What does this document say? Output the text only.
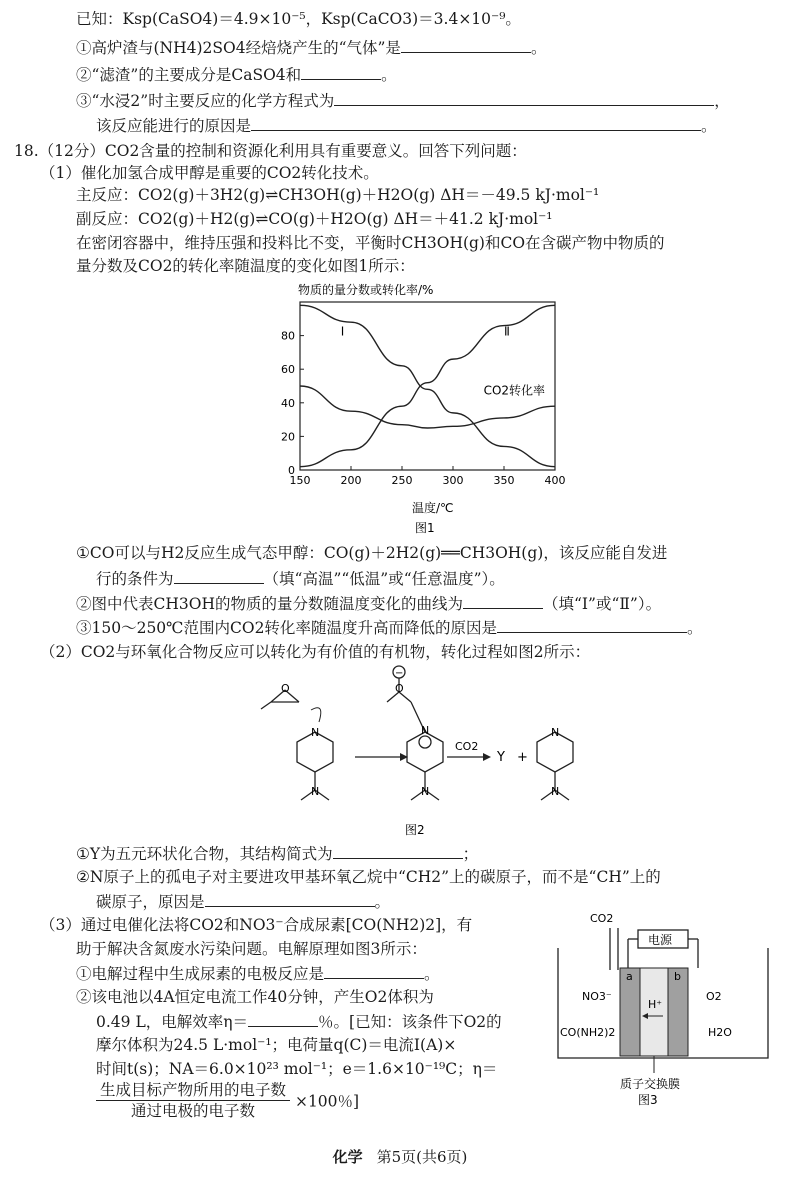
已知：Ksp(CaSO4)＝4.9×10⁻⁵，Ksp(CaCO3)＝3.4×10⁻⁹。
①高炉渣与(NH4)2SO4经焙烧产生的“气体”是	。
②“滤渣”的主要成分是CaSO4和	。
③“水浸2”时主要反应的化学方程式为	，
该反应能进行的原因是	。
18.（12分）CO2含量的控制和资源化利用具有重要意义。回答下列问题：
（1）催化加氢合成甲醇是重要的CO2转化技术。
主反应：CO2(g)＋3H2(g)⇌CH3OH(g)＋H2O(g) ΔH＝－49.5 kJ·mol⁻¹
副反应：CO2(g)＋H2(g)⇌CO(g)＋H2O(g) ΔH＝＋41.2 kJ·mol⁻¹
在密闭容器中，维持压强和投料比不变，平衡时CH3OH(g)和CO在含碳产物中物质的
量分数及CO2的转化率随温度的变化如图1所示：
物质的量分数或转化率/%
150	200	250	300	350	400
0
20
40
60
80	Ⅰ	Ⅱ
CO2转化率
温度/℃
图1
①CO可以与H2反应生成气态甲醇：CO(g)＋2H2(g)══CH3OH(g)，该反应能自发进
行的条件为	（填“高温”“低温”或“任意温度”）。
②图中代表CH3OH的物质的量分数随温度变化的曲线为	（填“Ⅰ”或“Ⅱ”）。
③150～250℃范围内CO2转化率随温度升高而降低的原因是	。
（2）CO2与环氧化合物反应可以转化为有价值的有机物，转化过程如图2所示：
O
N
N
−
O
N
N
CO2
Y +
N
N
图2
①Y为五元环状化合物，其结构简式为	；
②N原子上的孤电子对主要进攻甲基环氧乙烷中“CH2”上的碳原子，而不是“CH”上的
碳原子，原因是	。
（3）通过电催化法将CO2和NO3⁻合成尿素[CO(NH2)2]，有
助于解决含氮废水污染问题。电解原理如图3所示：
①电解过程中生成尿素的电极反应是	。
②该电池以4A恒定电流工作40分钟，产生O2体积为
0.49 L，电解效率η＝	％。[已知：该条件下O2的
摩尔体积为24.5 L·mol⁻¹；电荷量q(C)＝电流I(A)×
时间t(s)；NA＝6.0×10²³ mol⁻¹；e＝1.6×10⁻¹⁹C；η＝
生成目标产物所用的电子数
通过电极的电子数
×100％]
电源
CO2
NO3⁻
a	b
H⁺
O2
CO(NH2)2	H2O
质子交换膜
图3
化学 第5页(共6页)
